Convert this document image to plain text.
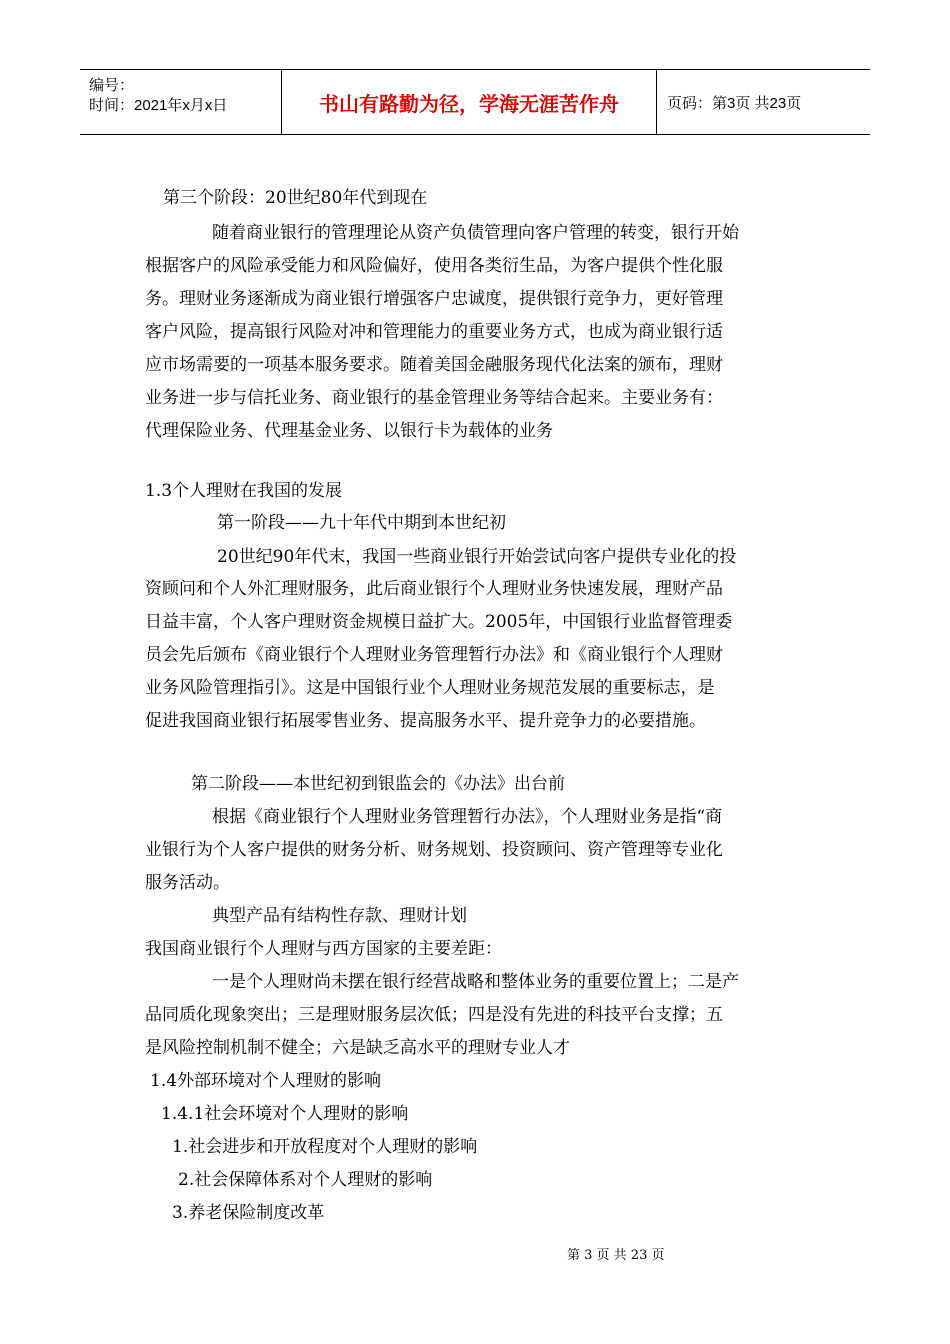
编号：
时间：2021年x月x日	书山有路勤为径，学海无涯苦作舟	页码：第3页 共23页
第三个阶段：20世纪80年代到现在
随着商业银行的管理理论从资产负债管理向客户管理的转变，银行开始
根据客户的风险承受能力和风险偏好，使用各类衍生品，为客户提供个性化服
务。理财业务逐渐成为商业银行增强客户忠诚度，提供银行竞争力，更好管理
客户风险，提高银行风险对冲和管理能力的重要业务方式，也成为商业银行适
应市场需要的一项基本服务要求。随着美国金融服务现代化法案的颁布，理财
业务进一步与信托业务、商业银行的基金管理业务等结合起来。主要业务有：
代理保险业务、代理基金业务、以银行卡为载体的业务
1.3个人理财在我国的发展
第一阶段——九十年代中期到本世纪初
20世纪90年代末，我国一些商业银行开始尝试向客户提供专业化的投
资顾问和个人外汇理财服务，此后商业银行个人理财业务快速发展，理财产品
日益丰富，个人客户理财资金规模日益扩大。2005年，中国银行业监督管理委
员会先后颁布《商业银行个人理财业务管理暂行办法》和《商业银行个人理财
业务风险管理指引》。这是中国银行业个人理财业务规范发展的重要标志，是
促进我国商业银行拓展零售业务、提高服务水平、提升竞争力的必要措施。
第二阶段——本世纪初到银监会的《办法》出台前
根据《商业银行个人理财业务管理暂行办法》，个人理财业务是指“商
业银行为个人客户提供的财务分析、财务规划、投资顾问、资产管理等专业化
服务活动。
典型产品有结构性存款、理财计划
我国商业银行个人理财与西方国家的主要差距：
一是个人理财尚未摆在银行经营战略和整体业务的重要位置上；二是产
品同质化现象突出；三是理财服务层次低；四是没有先进的科技平台支撑；五
是风险控制机制不健全；六是缺乏高水平的理财专业人才
1.4外部环境对个人理财的影响
1.4.1社会环境对个人理财的影响
1.社会进步和开放程度对个人理财的影响
2.社会保障体系对个人理财的影响
3.养老保险制度改革
第 3 页 共 23 页
